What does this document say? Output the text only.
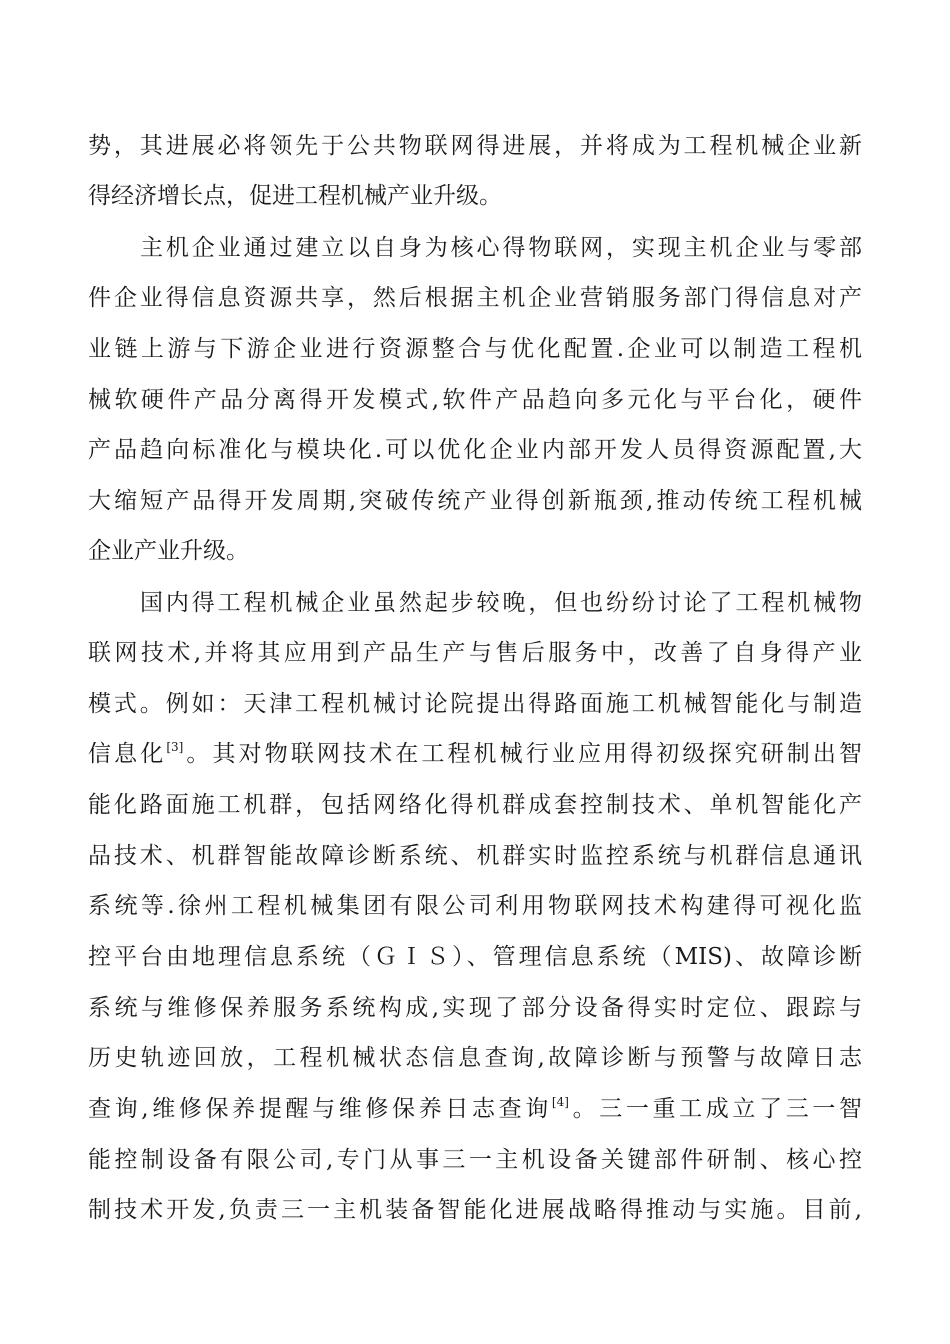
势，其进展必将领先于公共物联网得进展，并将成为工程机械企业新

得经济增长点，促进工程机械产业升级。

主机企业通过建立以自身为核心得物联网，实现主机企业与零部

件企业得信息资源共享，然后根据主机企业营销服务部门得信息对产

业链上游与下游企业进行资源整合与优化配置.企业可以制造工程机

械软硬件产品分离得开发模式,软件产品趋向多元化与平台化，硬件

产品趋向标准化与模块化.可以优化企业内部开发人员得资源配置,大

大缩短产品得开发周期,突破传统产业得创新瓶颈,推动传统工程机械

企业产业升级。

国内得工程机械企业虽然起步较晚，但也纷纷讨论了工程机械物

联网技术,并将其应用到产品生产与售后服务中，改善了自身得产业

模式。例如：天津工程机械讨论院提出得路面施工机械智能化与制造

信息化[3]。其对物联网技术在工程机械行业应用得初级探究研制出智

能化路面施工机群，包括网络化得机群成套控制技术、单机智能化产

品技术、机群智能故障诊断系统、机群实时监控系统与机群信息通讯

系统等.徐州工程机械集团有限公司利用物联网技术构建得可视化监

控平台由地理信息系统（ＧＩＳ）、管理信息系统（MIS)、故障诊断

系统与维修保养服务系统构成,实现了部分设备得实时定位、跟踪与

历史轨迹回放，工程机械状态信息查询,故障诊断与预警与故障日志

查询,维修保养提醒与维修保养日志查询[4]。三一重工成立了三一智

能控制设备有限公司,专门从事三一主机设备关键部件研制、核心控

制技术开发,负责三一主机装备智能化进展战略得推动与实施。目前,
